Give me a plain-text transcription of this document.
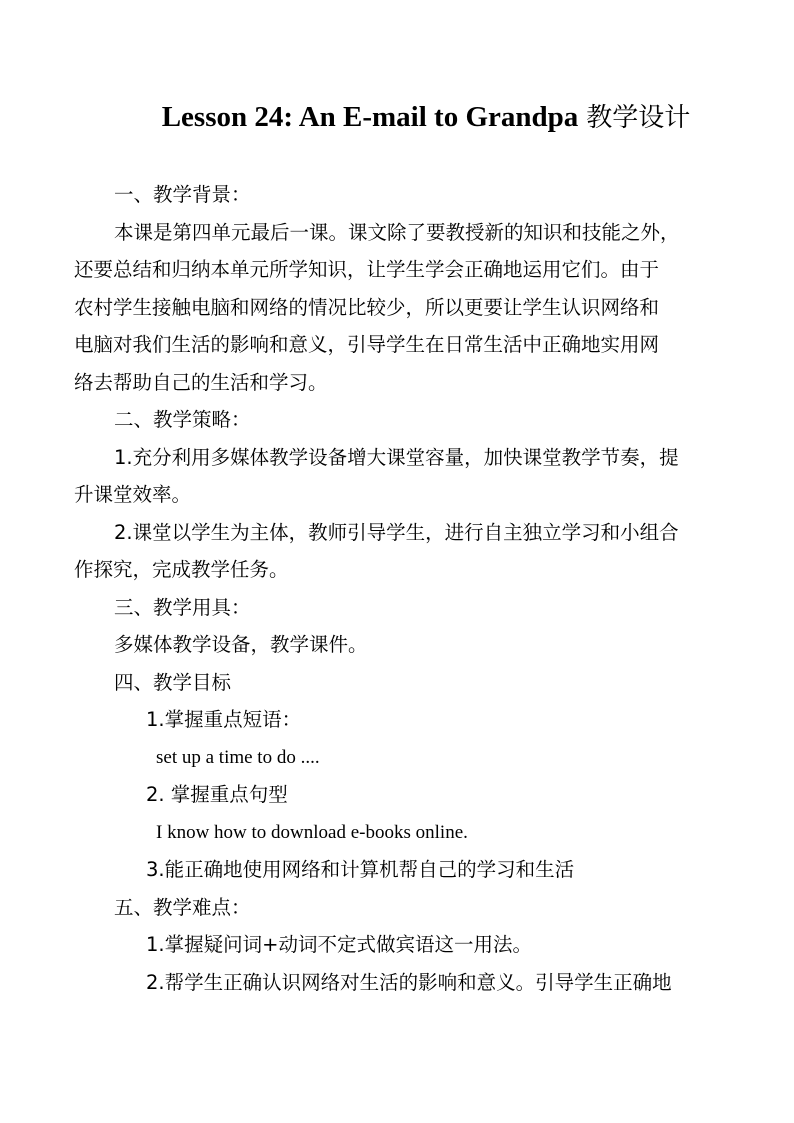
Lesson 24: An E-mail to Grandpa 教学设计

一、教学背景：

本课是第四单元最后一课。课文除了要教授新的知识和技能之外，
还要总结和归纳本单元所学知识，让学生学会正确地运用它们。由于
农村学生接触电脑和网络的情况比较少，所以更要让学生认识网络和
电脑对我们生活的影响和意义，引导学生在日常生活中正确地实用网
络去帮助自己的生活和学习。

二、教学策略：

1.充分利用多媒体教学设备增大课堂容量，加快课堂教学节奏，提
升课堂效率。
2.课堂以学生为主体，教师引导学生，进行自主独立学习和小组合
作探究，完成教学任务。

三、教学用具：

多媒体教学设备，教学课件。

四、教学目标

1.掌握重点短语：

set up a time to do ....

2. 掌握重点句型

I know how to download e-books online.

3.能正确地使用网络和计算机帮自己的学习和生活

五、教学难点：

1.掌握疑问词+动词不定式做宾语这一用法。

2.帮学生正确认识网络对生活的影响和意义。引导学生正确地
